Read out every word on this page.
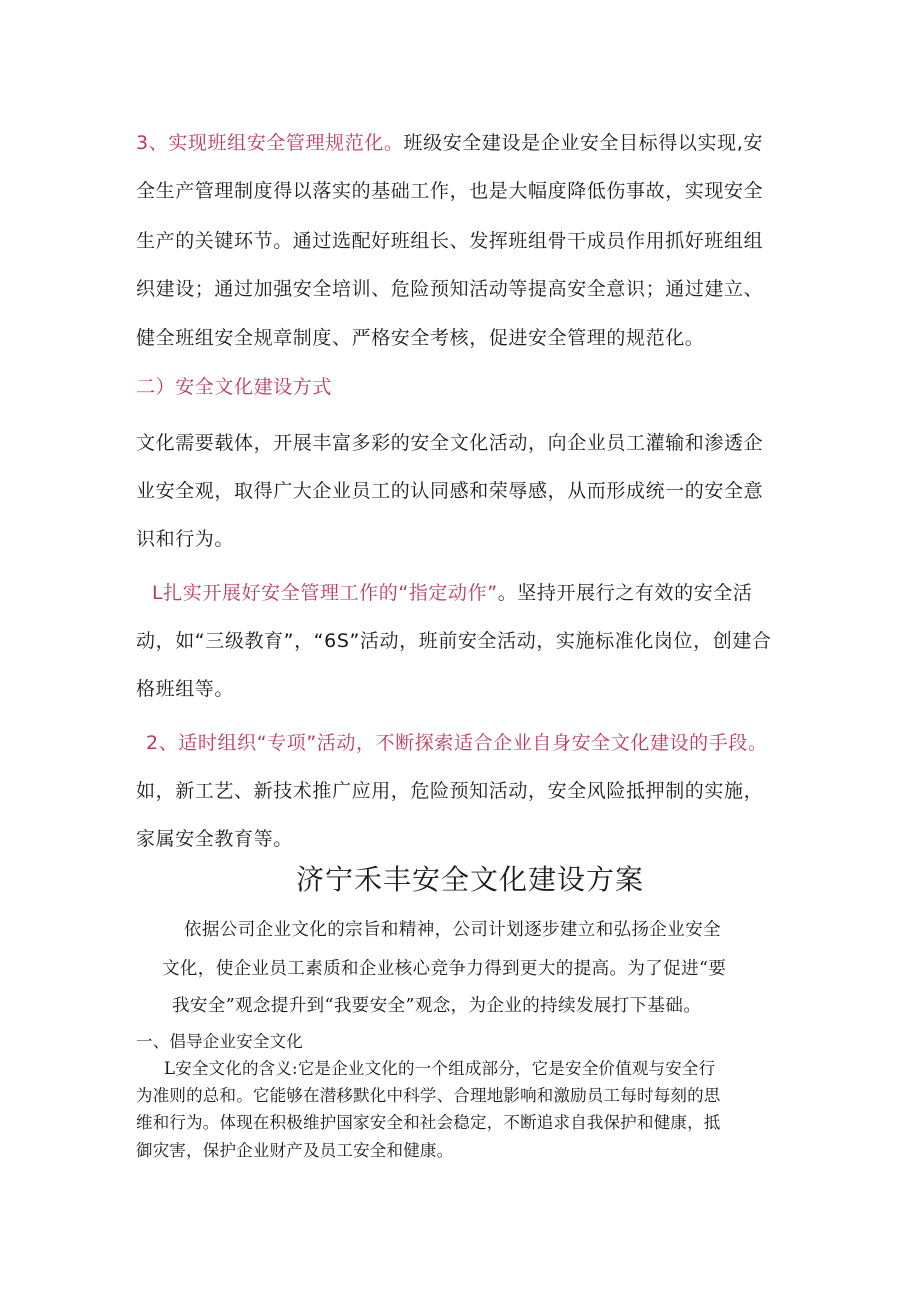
3、实现班组安全管理规范化。班级安全建设是企业安全目标得以实现,安
全生产管理制度得以落实的基础工作，也是大幅度降低伤事故，实现安全
生产的关键环节。通过选配好班组长、发挥班组骨干成员作用抓好班组组
织建设；通过加强安全培训、危险预知活动等提高安全意识；通过建立、
健全班组安全规章制度、严格安全考核，促进安全管理的规范化。
二）安全文化建设方式
文化需要载体，开展丰富多彩的安全文化活动，向企业员工灌输和渗透企
业安全观，取得广大企业员工的认同感和荣辱感，从而形成统一的安全意
识和行为。
L扎实开展好安全管理工作的“指定动作”。坚持开展行之有效的安全活
动，如“三级教育”，“6S”活动，班前安全活动，实施标准化岗位，创建合
格班组等。
2、适时组织“专项”活动，不断探索适合企业自身安全文化建设的手段。
如，新工艺、新技术推广应用，危险预知活动，安全风险抵押制的实施，
家属安全教育等。
济宁禾丰安全文化建设方案
依据公司企业文化的宗旨和精神，公司计划逐步建立和弘扬企业安全
文化，使企业员工素质和企业核心竞争力得到更大的提高。为了促进“要
我安全”观念提升到“我要安全”观念，为企业的持续发展打下基础。
一、倡导企业安全文化
L安全文化的含义:它是企业文化的一个组成部分，它是安全价值观与安全行
为准则的总和。它能够在潜移默化中科学、合理地影响和激励员工每时每刻的思
维和行为。体现在积极维护国家安全和社会稳定，不断追求自我保护和健康，抵
御灾害，保护企业财产及员工安全和健康。
